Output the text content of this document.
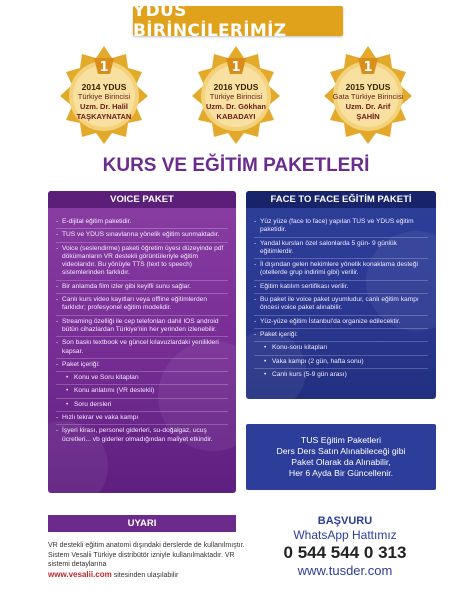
YDUS BİRİNCİLERİMİZ
1
2014 YDUS
Türkiye Birincisi
Uzm. Dr. Halil
TAŞKAYNATAN
1
2016 YDUS
Türkiye Birincisi
Uzm. Dr. Gökhan
KABADAYI
1
2015 YDUS
Gata Türkiye Birincisi
Uzm. Dr. Arif
ŞAHİN
KURS VE EĞİTİM PAKETLERİ
VOICE PAKET
- E-dijital eğitim paketidir.
- TUS ve YDUS sınavlarına yönelik eğitim sunmaktadır.
- Voice (seslendirme) paketi öğretim üyesi düzeyinde pdf dökümanların VR destekli görüntüleriyle eğitim videolarıdır. Bu yönüyle TTS (text to speech) sistemlerinden farklıdır.
- Bir anlamda film izler gibi keyifli sunu sağlar.
- Canlı kurs video kayıtları veya offline eğitimlerden farklıdır; profesyonel eğitim modelidir.
- Streaming özelliği ile cep telefonları dahil IOS android bütün cihazlardan Türkiye'nin her yerinden izlenebilir.
- Son baskı textbook ve güncel kılavuzlardaki yenilikleri kapsar.
- Paket içeriği:
• Konu ve Soru kitapları
• Konu anlatımı (VR destekli)
• Soru dersleri
- Hızlı tekrar ve vaka kampı
- İşyeri kirası, personel giderleri, su-doğalgaz, ucuş ücretleri... vb giderler olmadığından maliyet etkindir.
FACE TO FACE EĞİTİM PAKETİ
- Yüz yüze (face to face) yapılan TUS ve YDUS eğitim paketidir.
- Yandal kursları özel salonlarda 5 gün- 9 günlük eğitimlerdir.
- İl dışından gelen hekimlere yönelik konaklama desteği (otellerde grup indirimi gibi) verilir.
- Eğitim katılım sertifikası verilir.
- Bu paket ile voice paket uyumludur, canlı eğitim kampı öncesi voice paket alınabilir.
- Yüz-yüze eğitim İstanbul'da organize edilecektir.
- Paket içeriği:
• Konu-soru kitapları
• Vaka kampı (2 gün, hafta sonu)
• Canlı kurs (5-9 gün arası)
TUS Eğitim Paketleri
Ders Ders Satın Alınabileceği gibi
Paket Olarak da Alınabilir,
Her 6 Ayda Bir Güncellenir.
UYARI
VR destekli eğitim anatomi dışındaki derslerde de kullanılmıştır. Sistem Vesalii Türkiye distribütör izniyle kullanılmaktadır. VR sistemi detaylarına
www.vesalii.com sitesinden ulaşılabilir
BAŞVURU
WhatsApp Hattımız
0 544 544 0 313
www.tusder.com
